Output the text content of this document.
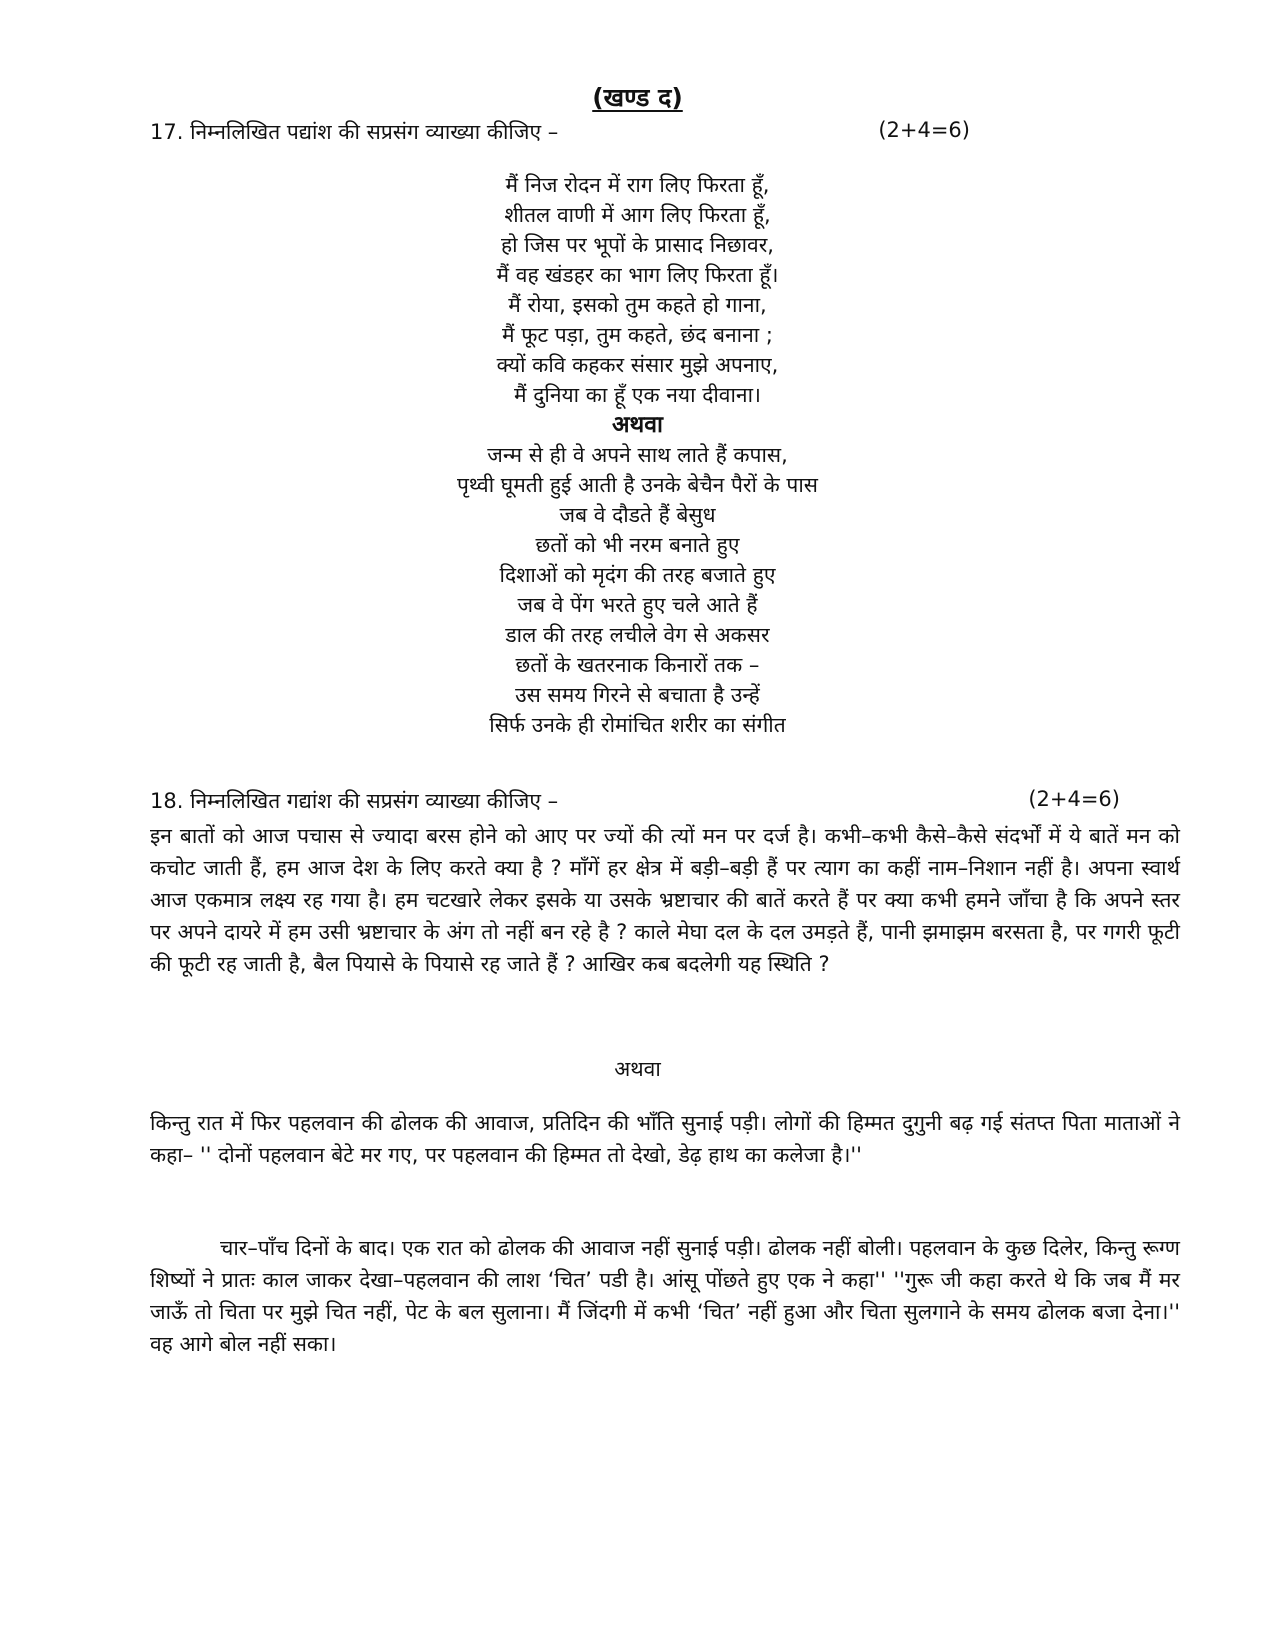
(खण्ड द)
17. निम्नलिखित पद्यांश की सप्रसंग व्याख्या कीजिए –	(2+4=6)
मैं निज रोदन में राग लिए फिरता हूँ,
शीतल वाणी में आग लिए फिरता हूँ,
हो जिस पर भूपों के प्रासाद निछावर,
मैं वह खंडहर का भाग लिए फिरता हूँ।
मैं रोया, इसको तुम कहते हो गाना,
मैं फूट पड़ा, तुम कहते, छंद बनाना ;
क्यों कवि कहकर संसार मुझे अपनाए,
मैं दुनिया का हूँ एक नया दीवाना।
अथवा
जन्म से ही वे अपने साथ लाते हैं कपास,
पृथ्वी घूमती हुई आती है उनके बेचैन पैरों के पास
जब वे दौडते हैं बेसुध
छतों को भी नरम बनाते हुए
दिशाओं को मृदंग की तरह बजाते हुए
जब वे पेंग भरते हुए चले आते हैं
डाल की तरह लचीले वेग से अकसर
छतों के खतरनाक किनारों तक –
उस समय गिरने से बचाता है उन्हें
सिर्फ उनके ही रोमांचित शरीर का संगीत
18. निम्नलिखित गद्यांश की सप्रसंग व्याख्या कीजिए –	(2+4=6)

इन बातों को आज पचास से ज्यादा बरस होने को आए पर ज्यों की त्यों मन पर दर्ज है। कभी–कभी कैसे–कैसे संदर्भों में ये बातें मन को कचोट जाती हैं, हम आज देश के लिए करते क्या है ? माँगें हर क्षेत्र में बड़ी–बड़ी हैं पर त्याग का कहीं नाम–निशान नहीं है। अपना स्वार्थ आज एकमात्र लक्ष्य रह गया है। हम चटखारे लेकर इसके या उसके भ्रष्टाचार की बातें करते हैं पर क्या कभी हमने जाँचा है कि अपने स्तर पर अपने दायरे में हम उसी भ्रष्टाचार के अंग तो नहीं बन रहे है ? काले मेघा दल के दल उमड़ते हैं, पानी झमाझम बरसता है, पर गगरी फूटी की फूटी रह जाती है, बैल पियासे के पियासे रह जाते हैं ? आखिर कब बदलेगी यह स्थिति ?

अथवा

किन्तु रात में फिर पहलवान की ढोलक की आवाज, प्रतिदिन की भाँति सुनाई पड़ी। लोगों की हिम्मत दुगुनी बढ़ गई संतप्त पिता माताओं ने कहा– '' दोनों पहलवान बेटे मर गए, पर पहलवान की हिम्मत तो देखो, डेढ़ हाथ का कलेजा है।''

चार–पाँच दिनों के बाद। एक रात को ढोलक की आवाज नहीं सुनाई पड़ी। ढोलक नहीं बोली। पहलवान के कुछ दिलेर, किन्तु रूग्ण शिष्यों ने प्रातः काल जाकर देखा–पहलवान की लाश ‘चित’ पडी है। आंसू पोंछते हुए एक ने कहा'' ''गुरू जी कहा करते थे कि जब मैं मर जाऊँ तो चिता पर मुझे चित नहीं, पेट के बल सुलाना। मैं जिंदगी में कभी ‘चित’ नहीं हुआ और चिता सुलगाने के समय ढोलक बजा देना।'' वह आगे बोल नहीं सका।
